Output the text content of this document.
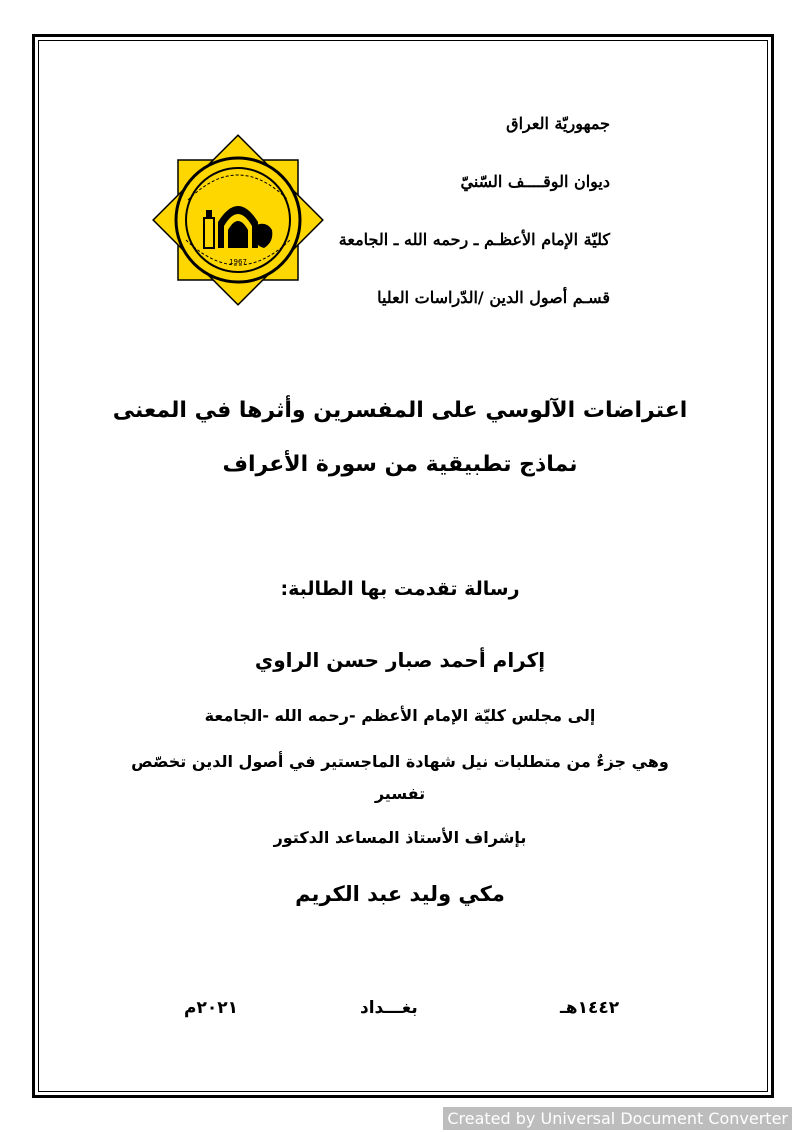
1967
جمهوريّة العراق
ديوان الوقــــف السّنيّ
كليّة الإمام الأعظـم ـ رحمه الله ـ الجامعة
قسـم أصول الدين /الدّراسات العليا
اعتراضات الآلوسي على المفسرين وأثرها في المعنى
نماذج تطبيقية من سورة الأعراف
رسالة تقدمت بها الطالبة:
إكرام أحمد صبار حسن الراوي
إلى مجلس كليّة الإمام الأعظم -رحمه الله -الجامعة
وهي جزءٌ من متطلبات نيل شهادة الماجستير في أصول الدين تخصّص
تفسير
بإشراف الأستاذ المساعد الدكتور
مكي وليد عبد الكريم
١٤٤٢هـ
بغـــداد
٢٠٢١م
Created by Universal Document Converter
